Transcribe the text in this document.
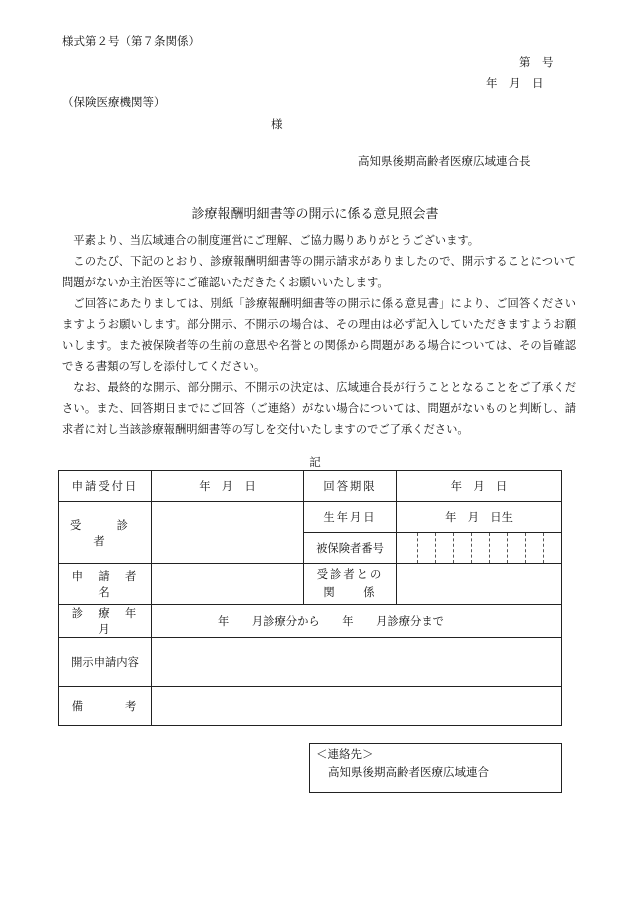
様式第２号（第７条関係）
第　号
年　月　日
（保険医療機関等）
様
高知県後期高齢者医療広域連合長
診療報酬明細書等の開示に係る意見照会書

平素より、当広域連合の制度運営にご理解、ご協力賜りありがとうございます。

このたび、下記のとおり、診療報酬明細書等の開示請求がありましたので、開示することについて問題がないか主治医等にご確認いただきたくお願いいたします。

ご回答にあたりましては、別紙「診療報酬明細書等の開示に係る意見書」により、ご回答くださいますようお願いします。部分開示、不開示の場合は、その理由は必ず記入していただきますようお願いします。また被保険者等の生前の意思や名誉との関係から問題がある場合については、その旨確認できる書類の写しを添付してください。

なお、最終的な開示、部分開示、不開示の決定は、広域連合長が行うこととなることをご了承ください。また、回答期日までにご回答（ご連絡）がない場合については、問題がないものと判断し、請求者に対し当該診療報酬明細書等の写しを交付いたしますのでご了承ください。

記
申請受付日	年　月　日	回答期限	年　月　日
受　診　者		生年月日	年　月　日生
		被保険者番号	

申　請　者　名		受診者との
関　　係	

診　療　年　月	年　　月診療分から　　年　　月診療分まで		
開示申請内容			
備　　　考			
＜連絡先＞
高知県後期高齢者医療広域連合
